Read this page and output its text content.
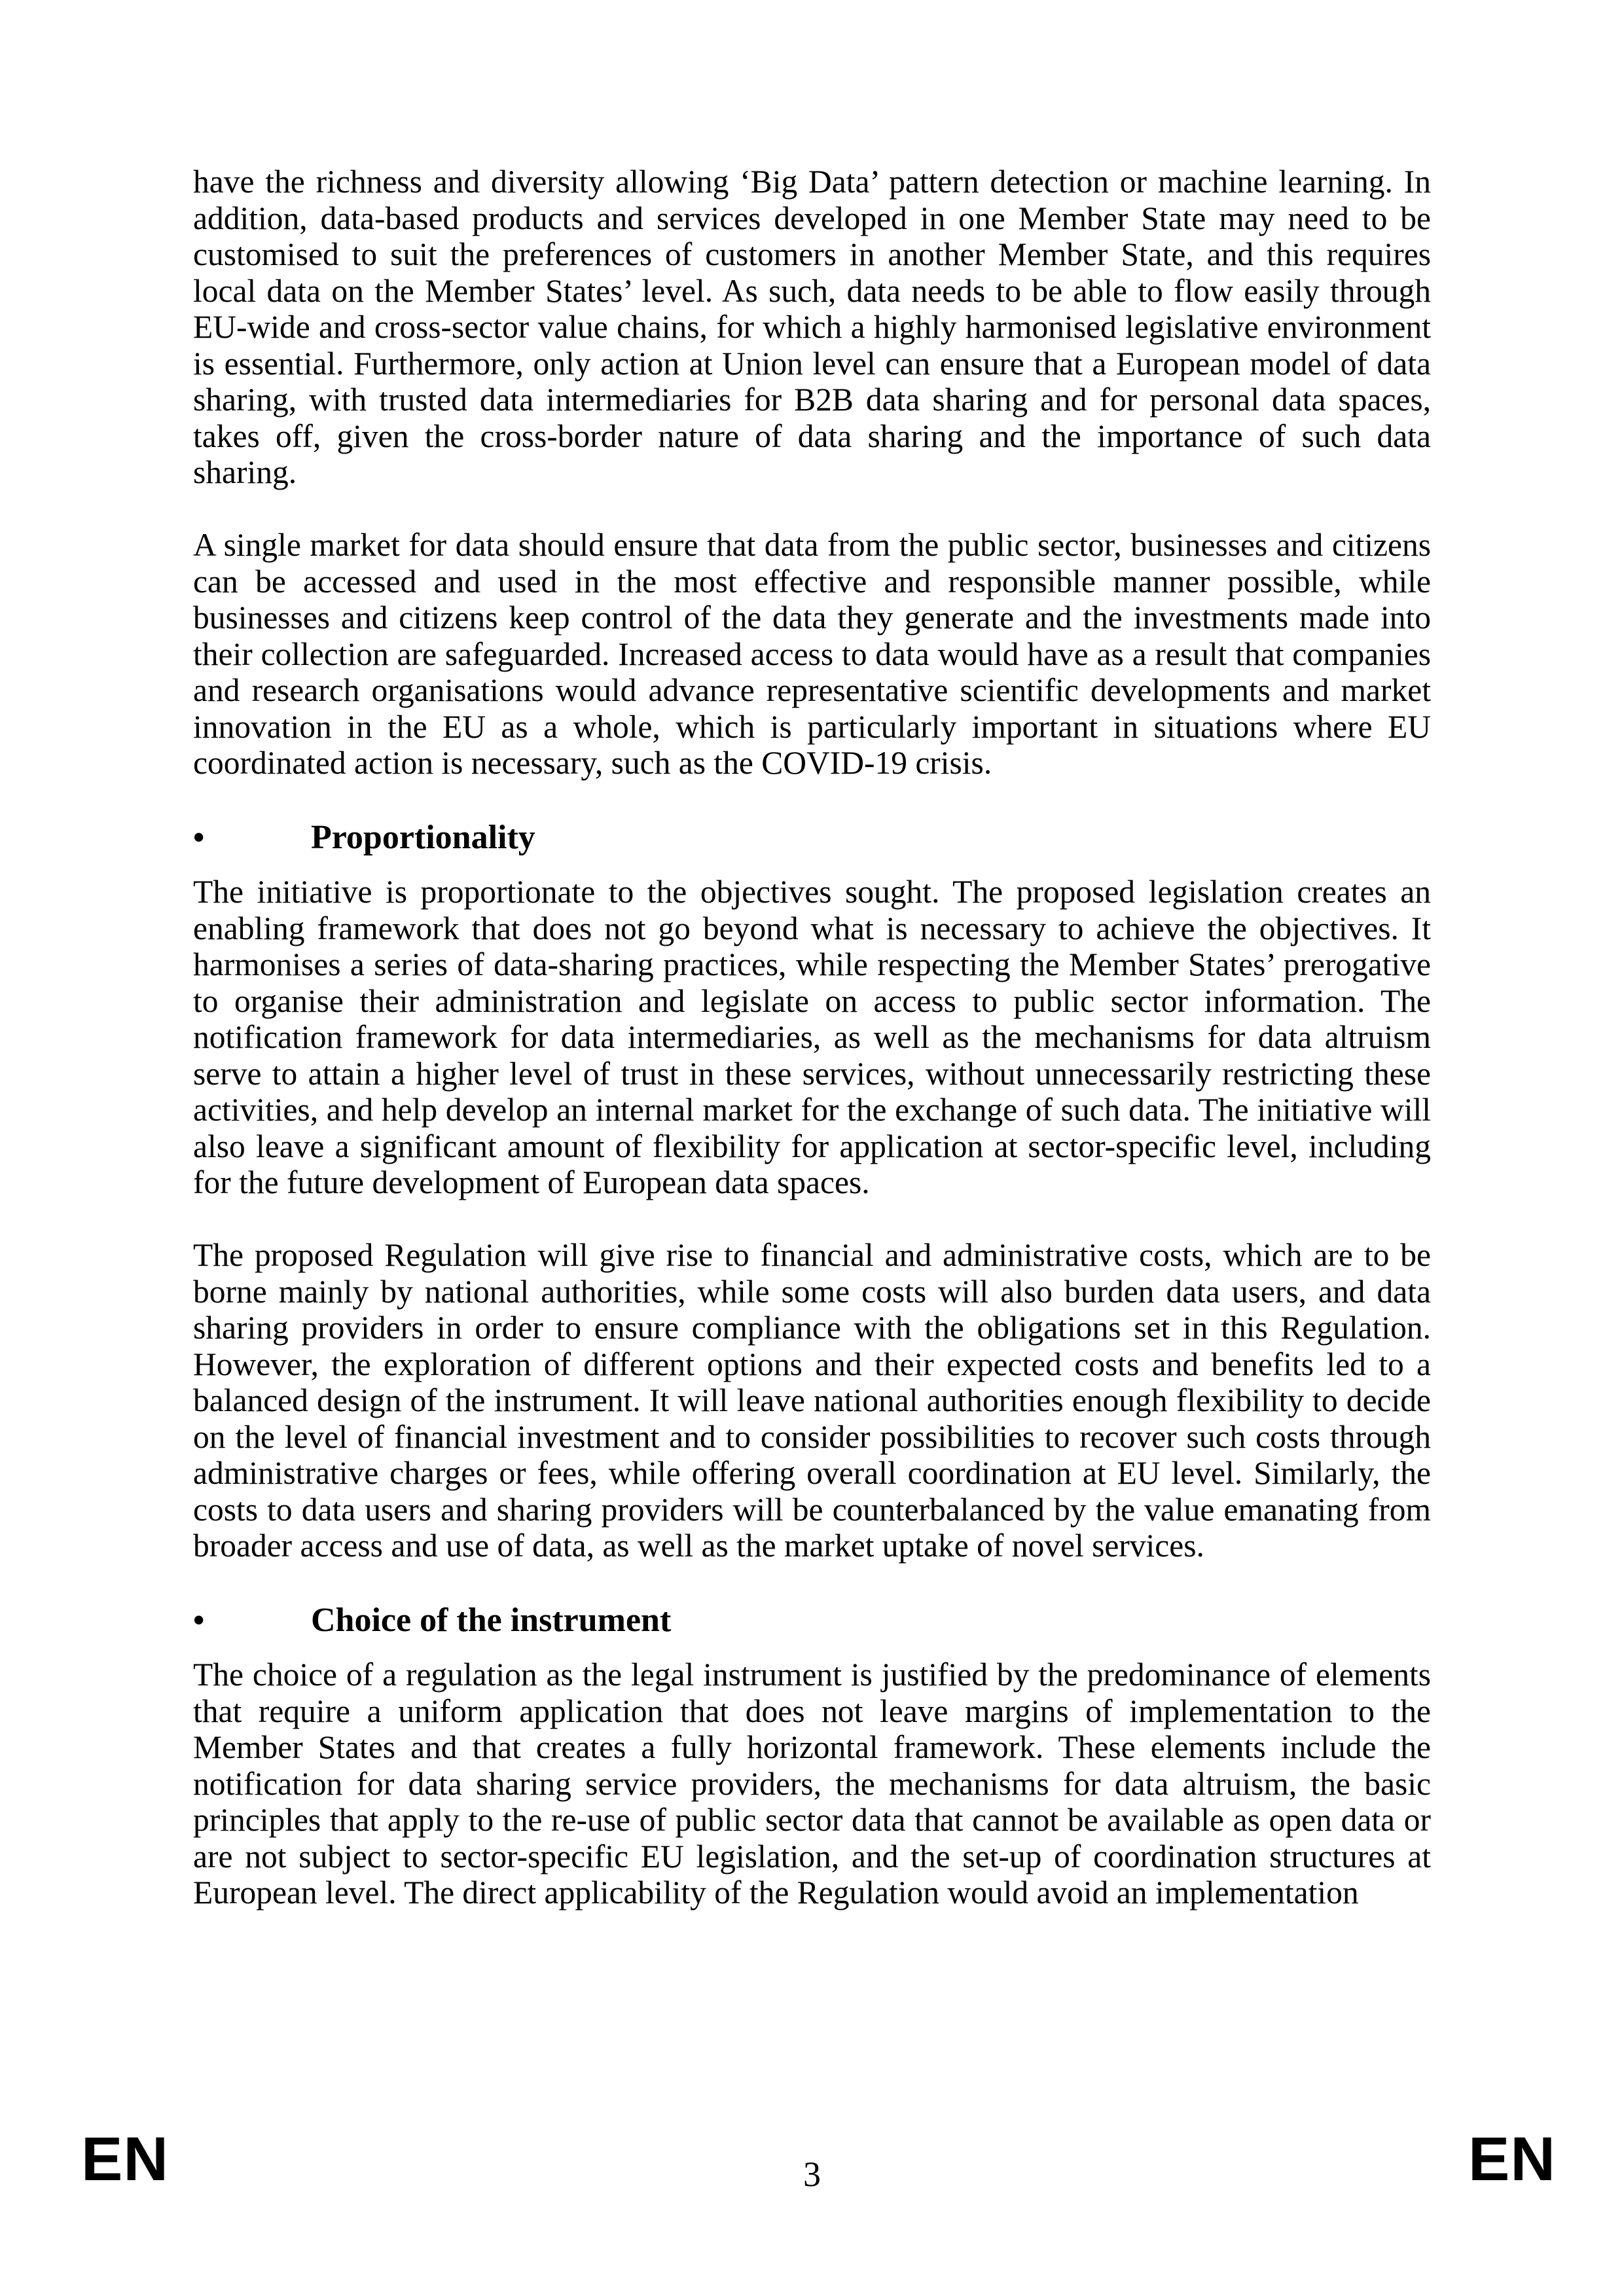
have the richness and diversity allowing ‘Big Data’ pattern detection or machine learning. In addition, data-based products and services developed in one Member State may need to be customised to suit the preferences of customers in another Member State, and this requires local data on the Member States’ level. As such, data needs to be able to flow easily through EU-wide and cross-sector value chains, for which a highly harmonised legislative environment is essential. Furthermore, only action at Union level can ensure that a European model of data sharing, with trusted data intermediaries for B2B data sharing and for personal data spaces, takes off, given the cross-border nature of data sharing and the importance of such data sharing.

A single market for data should ensure that data from the public sector, businesses and citizens can be accessed and used in the most effective and responsible manner possible, while businesses and citizens keep control of the data they generate and the investments made into their collection are safeguarded. Increased access to data would have as a result that companies and research organisations would advance representative scientific developments and market innovation in the EU as a whole, which is particularly important in situations where EU coordinated action is necessary, such as the COVID-19 crisis.

•	Proportionality

The initiative is proportionate to the objectives sought. The proposed legislation creates an enabling framework that does not go beyond what is necessary to achieve the objectives. It harmonises a series of data-sharing practices, while respecting the Member States’ prerogative to organise their administration and legislate on access to public sector information. The notification framework for data intermediaries, as well as the mechanisms for data altruism serve to attain a higher level of trust in these services, without unnecessarily restricting these activities, and help develop an internal market for the exchange of such data. The initiative will also leave a significant amount of flexibility for application at sector-specific level, including for the future development of European data spaces.

The proposed Regulation will give rise to financial and administrative costs, which are to be borne mainly by national authorities, while some costs will also burden data users, and data sharing providers in order to ensure compliance with the obligations set in this Regulation. However, the exploration of different options and their expected costs and benefits led to a balanced design of the instrument. It will leave national authorities enough flexibility to decide on the level of financial investment and to consider possibilities to recover such costs through administrative charges or fees, while offering overall coordination at EU level. Similarly, the costs to data users and sharing providers will be counterbalanced by the value emanating from broader access and use of data, as well as the market uptake of novel services.

•	Choice of the instrument

The choice of a regulation as the legal instrument is justified by the predominance of elements that require a uniform application that does not leave margins of implementation to the Member States and that creates a fully horizontal framework. These elements include the notification for data sharing service providers, the mechanisms for data altruism, the basic principles that apply to the re-use of public sector data that cannot be available as open data or are not subject to sector-specific EU legislation, and the set-up of coordination structures at European level. The direct applicability of the Regulation would avoid an implementation

EN	3	EN
